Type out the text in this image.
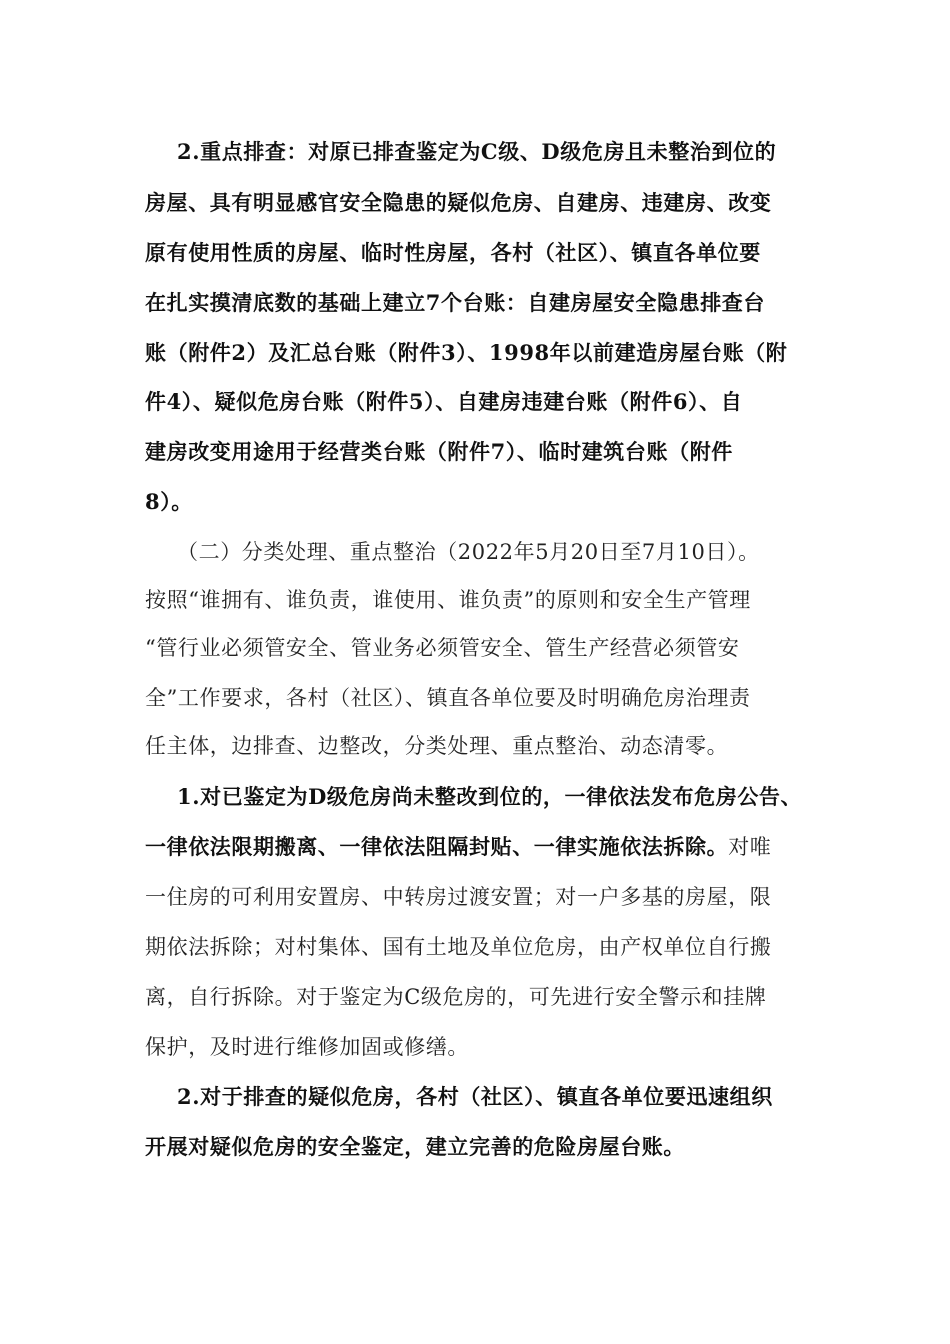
2.重点排查：对原已排查鉴定为C级、D级危房且未整治到位的
房屋、具有明显感官安全隐患的疑似危房、自建房、违建房、改变
原有使用性质的房屋、临时性房屋，各村（社区）、镇直各单位要
在扎实摸清底数的基础上建立7个台账：自建房屋安全隐患排查台
账（附件2）及汇总台账（附件3）、1998年以前建造房屋台账（附
件4）、疑似危房台账（附件5）、自建房违建台账（附件6）、自
建房改变用途用于经营类台账（附件7）、临时建筑台账（附件
8）。
（二）分类处理、重点整治（2022年5月20日至7月10日）。
按照“谁拥有、谁负责，谁使用、谁负责”的原则和安全生产管理
“管行业必须管安全、管业务必须管安全、管生产经营必须管安
全”工作要求，各村（社区）、镇直各单位要及时明确危房治理责
任主体，边排查、边整改，分类处理、重点整治、动态清零。
1.对已鉴定为D级危房尚未整改到位的，一律依法发布危房公告、
一律依法限期搬离、一律依法阻隔封贴、一律实施依法拆除。对唯
一住房的可利用安置房、中转房过渡安置；对一户多基的房屋，限
期依法拆除；对村集体、国有土地及单位危房，由产权单位自行搬
离，自行拆除。对于鉴定为C级危房的，可先进行安全警示和挂牌
保护，及时进行维修加固或修缮。
2.对于排查的疑似危房，各村（社区）、镇直各单位要迅速组织
开展对疑似危房的安全鉴定，建立完善的危险房屋台账。
